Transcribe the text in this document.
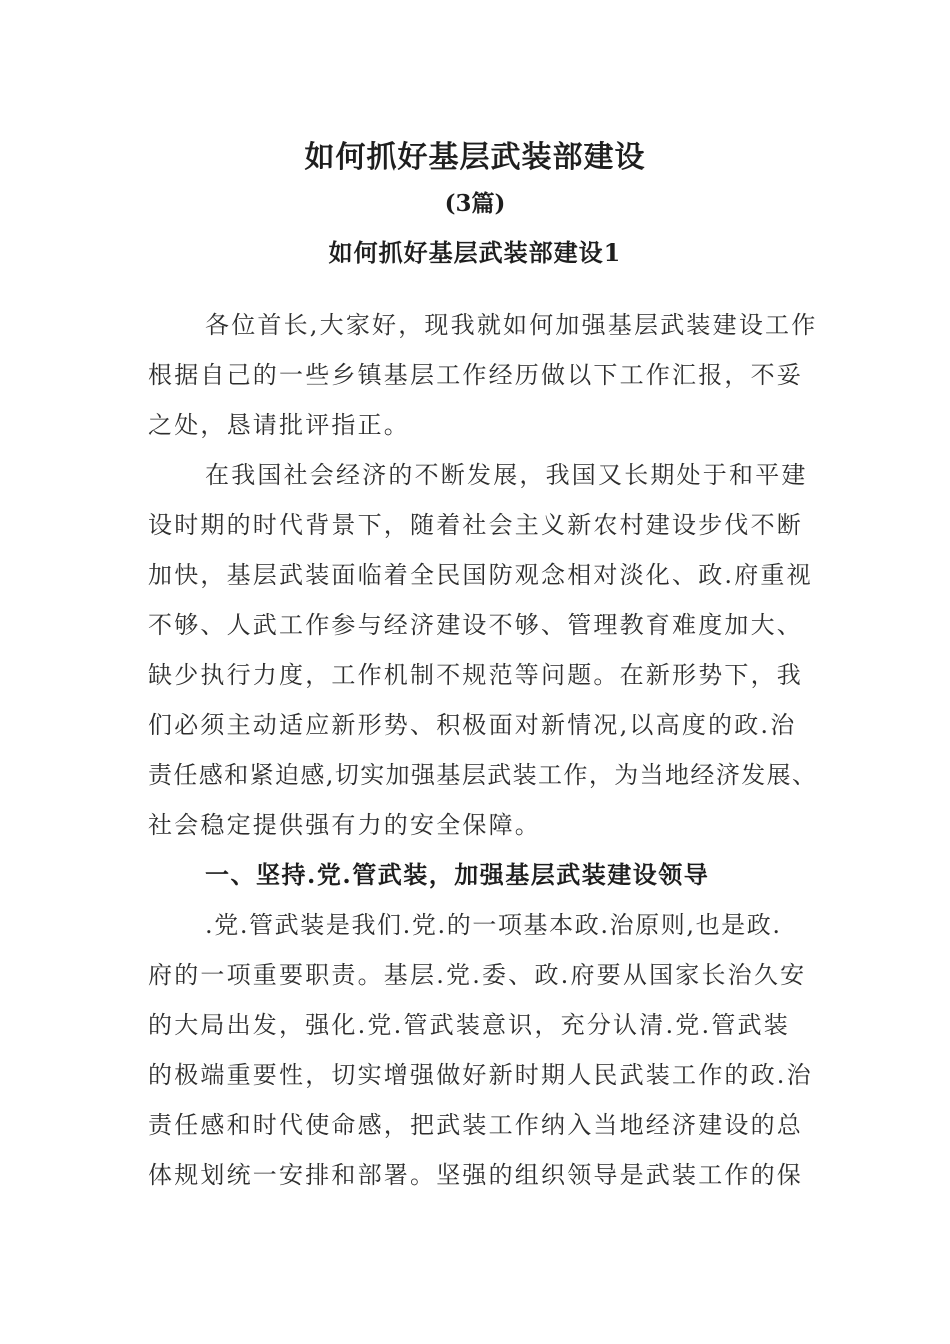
如何抓好基层武装部建设
(3篇)
如何抓好基层武装部建设1
各位首长,大家好，现我就如何加强基层武装建设工作
根据自己的一些乡镇基层工作经历做以下工作汇报，不妥
之处，恳请批评指正。
在我国社会经济的不断发展，我国又长期处于和平建
设时期的时代背景下，随着社会主义新农村建设步伐不断
加快，基层武装面临着全民国防观念相对淡化、政.府重视
不够、人武工作参与经济建设不够、管理教育难度加大、
缺少执行力度，工作机制不规范等问题。在新形势下，我
们必须主动适应新形势、积极面对新情况,以高度的政.治
责任感和紧迫感,切实加强基层武装工作，为当地经济发展、
社会稳定提供强有力的安全保障。
一、坚持.党.管武装，加强基层武装建设领导
.党.管武装是我们.党.的一项基本政.治原则,也是政.
府的一项重要职责。基层.党.委、政.府要从国家长治久安
的大局出发，强化.党.管武装意识，充分认清.党.管武装
的极端重要性，切实增强做好新时期人民武装工作的政.治
责任感和时代使命感，把武装工作纳入当地经济建设的总
体规划统一安排和部署。坚强的组织领导是武装工作的保
